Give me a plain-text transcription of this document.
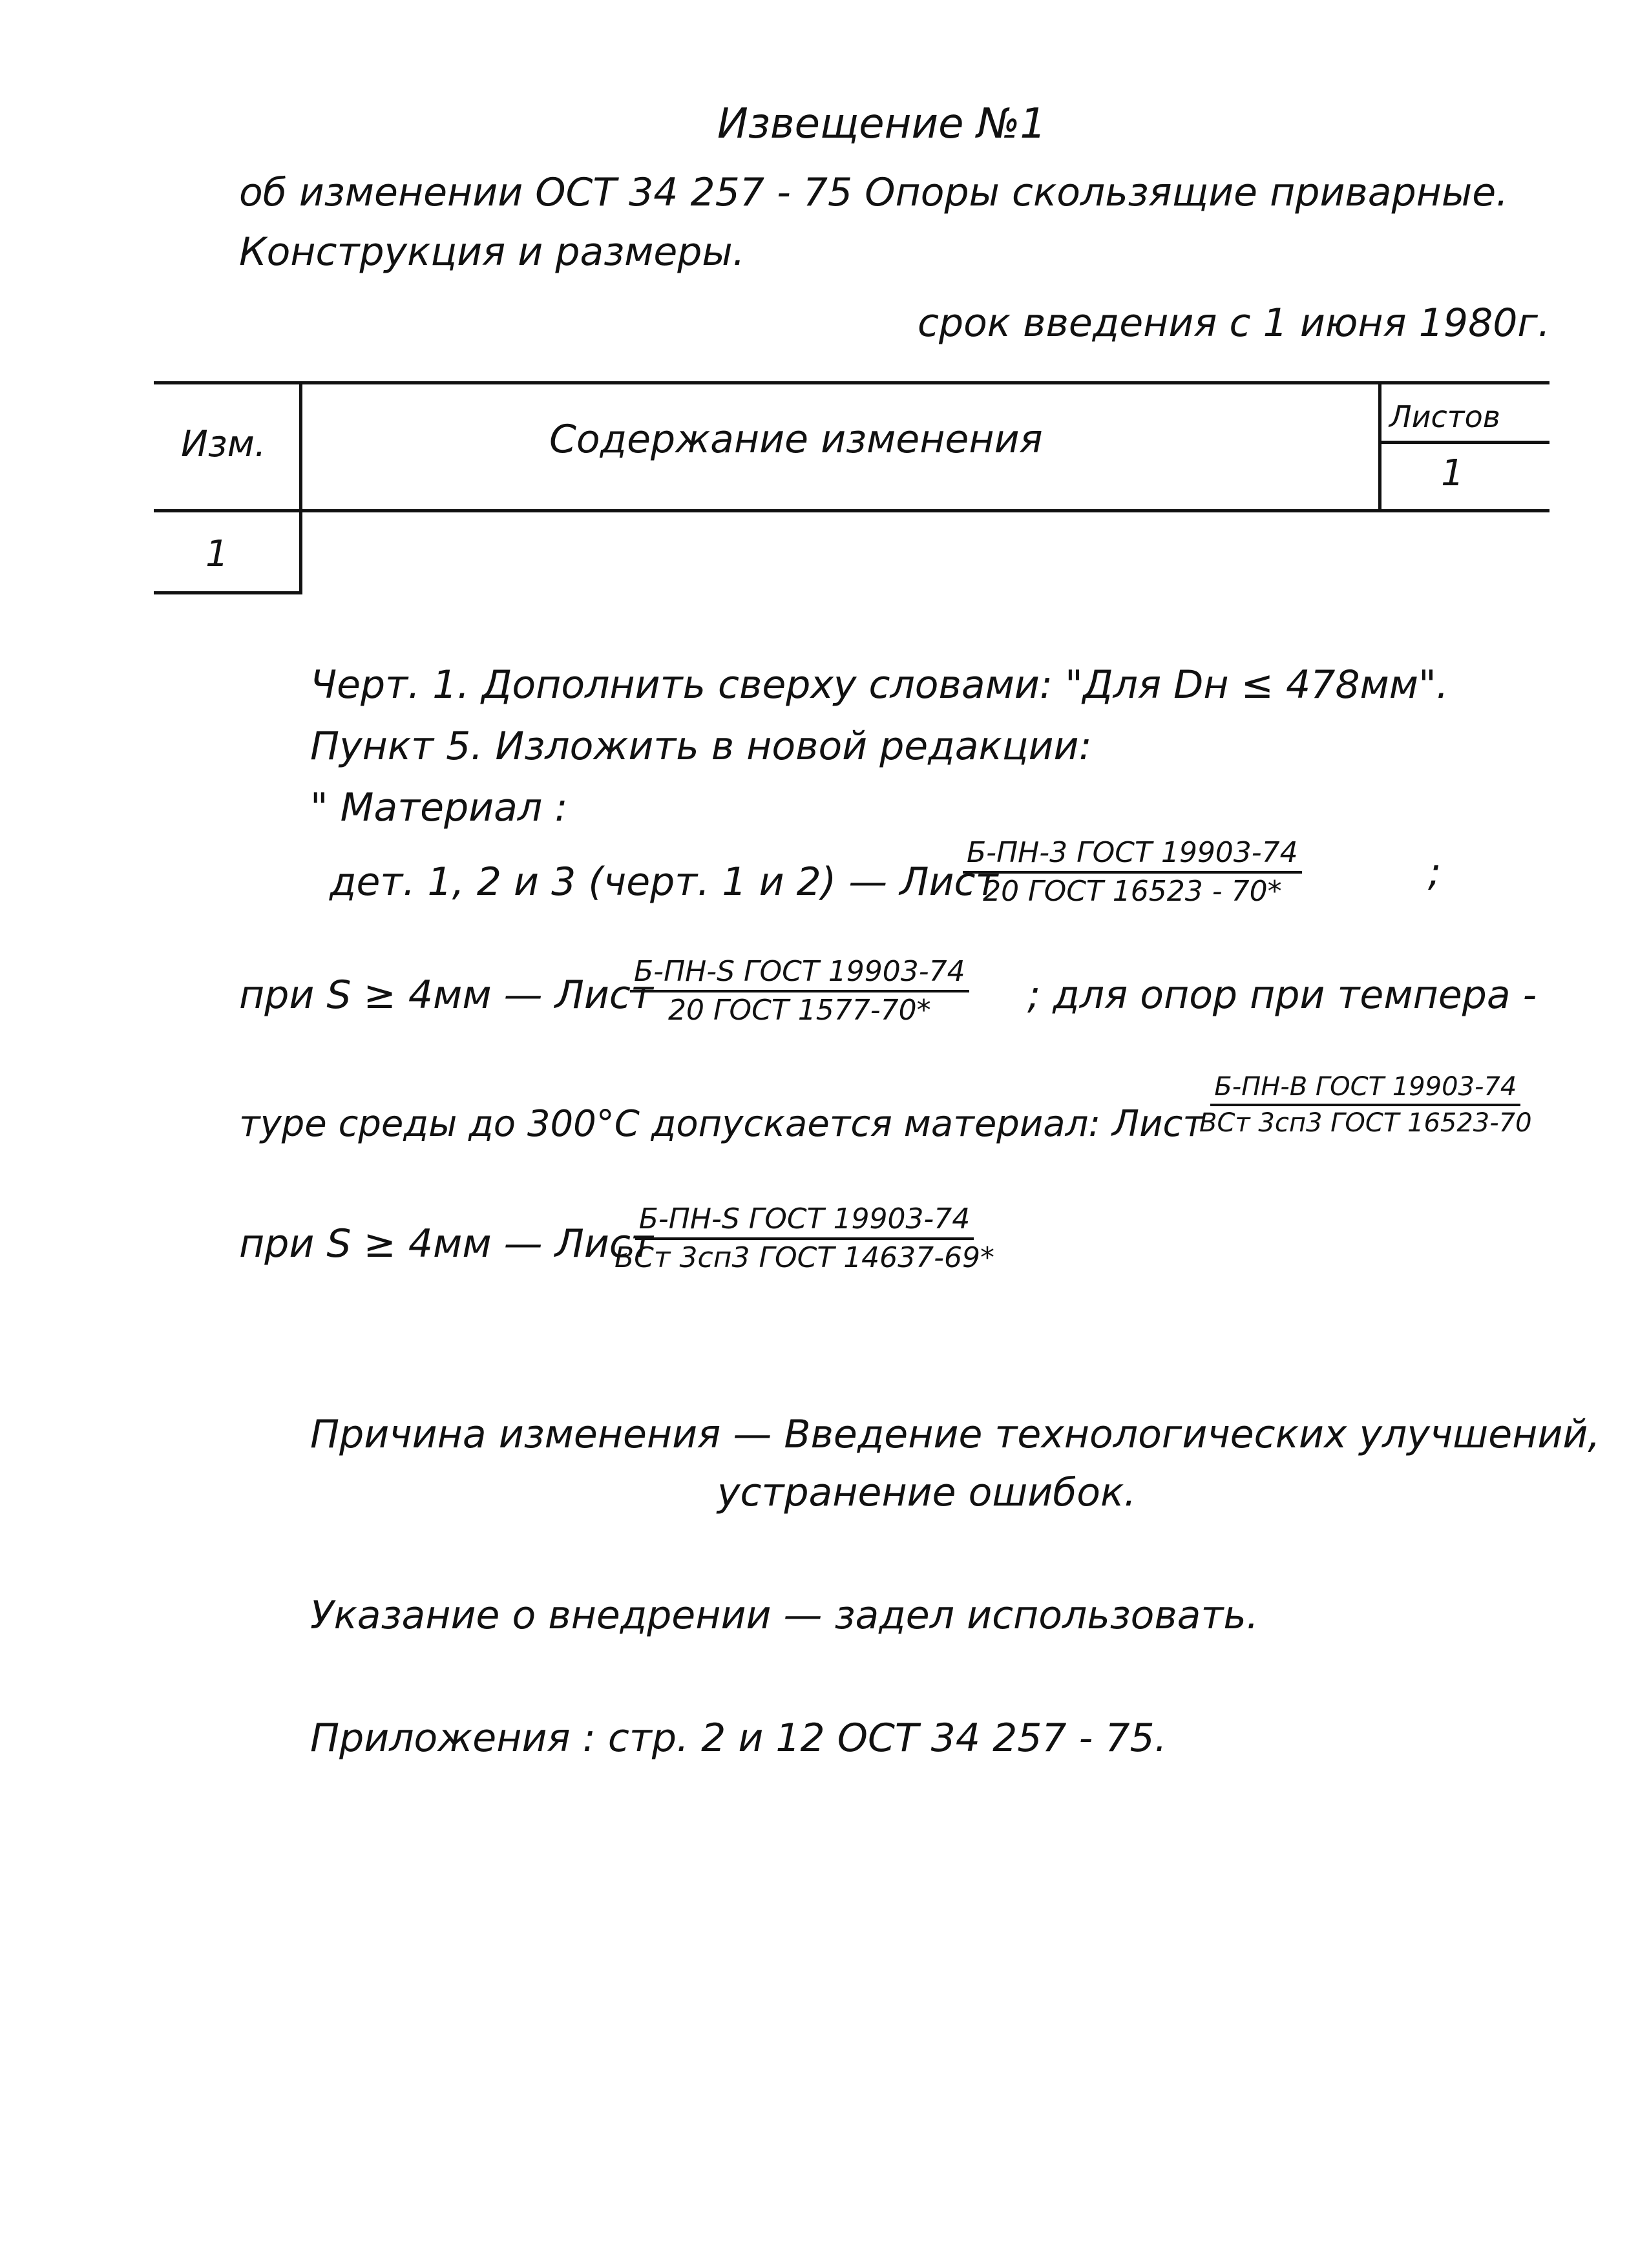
Извещение №1
об изменении ОСТ 34 257 - 75 Опоры скользящие приварные.
Конструкция и размеры.
срок введения с 1 июня 1980г.
Изм.	Содержание изменения	Листов
1
1
Черт. 1. Дополнить сверху словами: "Для Dн ≤ 478мм".
Пункт 5. Изложить в новой редакции:
" Материал :
дет. 1, 2 и 3 (черт. 1 и 2) — Лист
Б-ПН-3 ГОСТ 19903-74
20 ГОСТ 16523 - 70*	;
при S ≥ 4мм — Лист
Б-ПН-S ГОСТ 19903-74
20 ГОСТ 1577-70* ; для опор при темпера -
туре среды до 300°С допускается материал: Лист
Б-ПН-В ГОСТ 19903-74
ВСт 3сп3 ГОСТ 16523-70
при S ≥ 4мм — Лист
Б-ПН-S ГОСТ 19903-74
ВСт 3сп3 ГОСТ 14637-69*
Причина изменения — Введение технологических улучшений,
устранение ошибок.
Указание о внедрении — задел использовать.
Приложения : стр. 2 и 12 ОСТ 34 257 - 75.
